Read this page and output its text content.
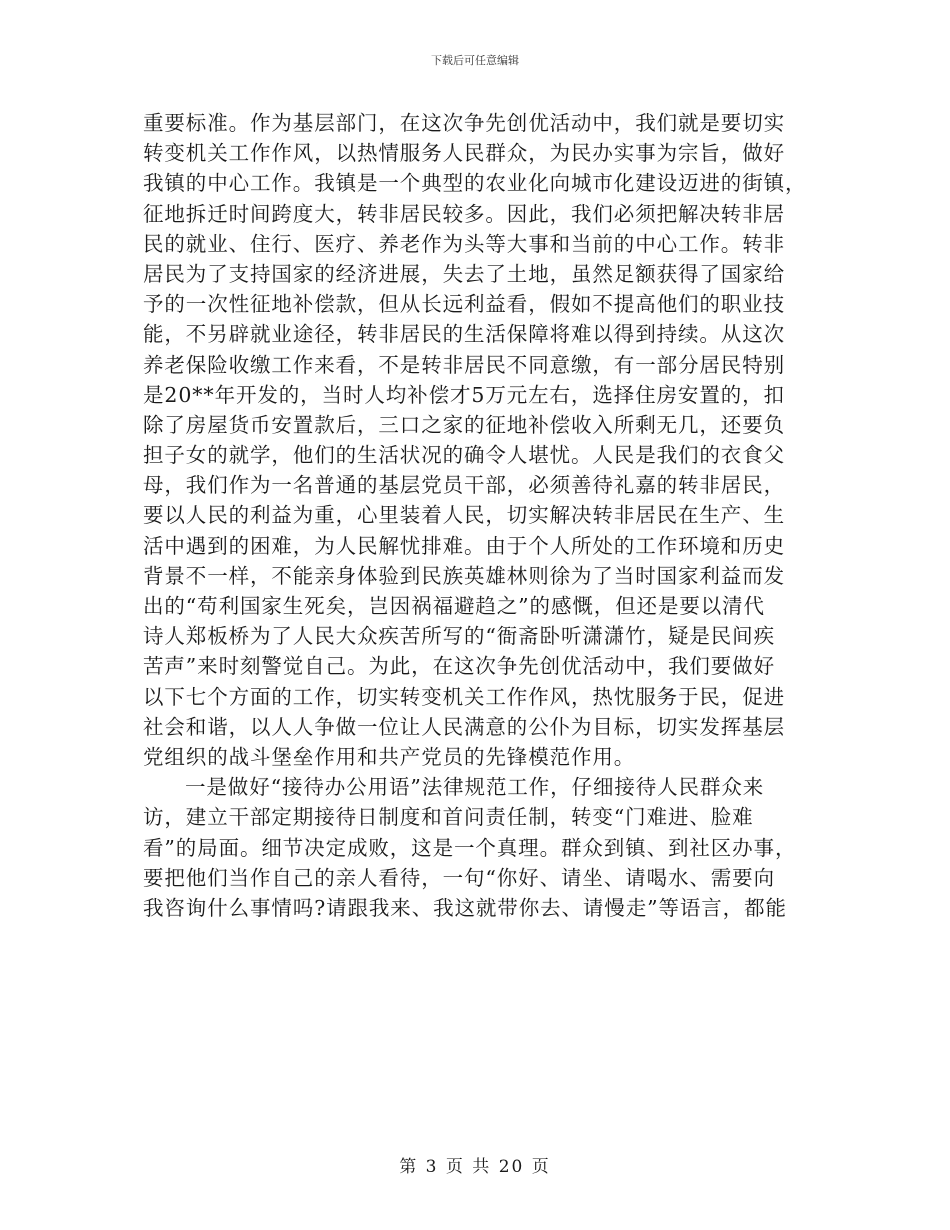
下载后可任意编辑
重要标准。作为基层部门，在这次争先创优活动中，我们就是要切实
转变机关工作作风，以热情服务人民群众，为民办实事为宗旨，做好
我镇的中心工作。我镇是一个典型的农业化向城市化建设迈进的街镇，
征地拆迁时间跨度大，转非居民较多。因此，我们必须把解决转非居
民的就业、住行、医疗、养老作为头等大事和当前的中心工作。转非
居民为了支持国家的经济进展，失去了土地，虽然足额获得了国家给
予的一次性征地补偿款，但从长远利益看，假如不提高他们的职业技
能，不另辟就业途径，转非居民的生活保障将难以得到持续。从这次
养老保险收缴工作来看，不是转非居民不同意缴，有一部分居民特别
是20**年开发的，当时人均补偿才5万元左右，选择住房安置的，扣
除了房屋货币安置款后，三口之家的征地补偿收入所剩无几，还要负
担子女的就学，他们的生活状况的确令人堪忧。人民是我们的衣食父
母，我们作为一名普通的基层党员干部，必须善待礼嘉的转非居民，
要以人民的利益为重，心里装着人民，切实解决转非居民在生产、生
活中遇到的困难，为人民解忧排难。由于个人所处的工作环境和历史
背景不一样，不能亲身体验到民族英雄林则徐为了当时国家利益而发
出的“苟利国家生死矣，岂因祸福避趋之”的感慨，但还是要以清代
诗人郑板桥为了人民大众疾苦所写的“衙斋卧听潇潇竹，疑是民间疾
苦声”来时刻警觉自己。为此，在这次争先创优活动中，我们要做好
以下七个方面的工作，切实转变机关工作作风，热忱服务于民，促进
社会和谐，以人人争做一位让人民满意的公仆为目标，切实发挥基层
党组织的战斗堡垒作用和共产党员的先锋模范作用。
一是做好“接待办公用语”法律规范工作，仔细接待人民群众来
访，建立干部定期接待日制度和首问责任制，转变“门难进、脸难
看”的局面。细节决定成败，这是一个真理。群众到镇、到社区办事，
要把他们当作自己的亲人看待，一句“你好、请坐、请喝水、需要向
我咨询什么事情吗?请跟我来、我这就带你去、请慢走”等语言，都能
第 3 页 共 20 页
